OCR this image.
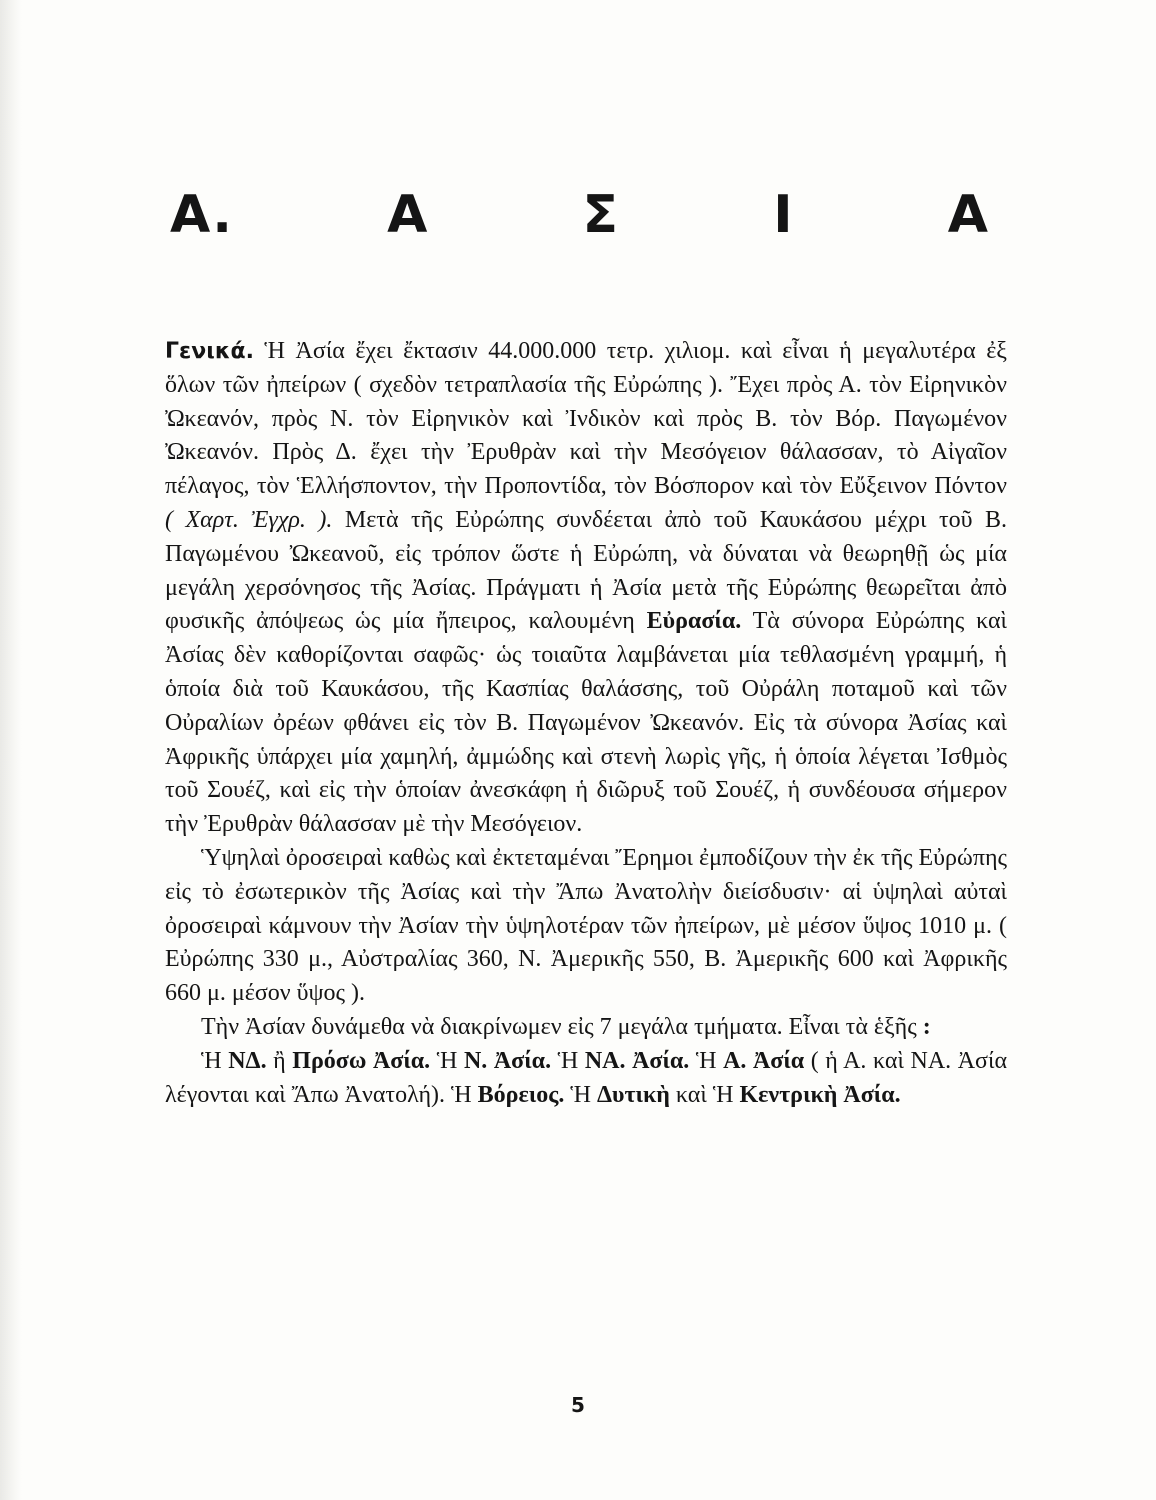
Α.	Α	Σ	Ι	Α

Γενικά. Ἡ Ἀσία ἔχει ἔκτασιν 44.000.000 τετρ. χιλιομ. καὶ εἶναι ἡ μεγαλυτέρα ἐξ ὅλων τῶν ἠπείρων ( σχεδὸν τετραπλασία τῆς Εὐρώπης ). Ἔχει πρὸς Α. τὸν Εἰρηνικὸν Ὠκεανόν, πρὸς Ν. τὸν Εἰρηνικὸν καὶ Ἰνδικὸν καὶ πρὸς Β. τὸν Βόρ. Παγωμένον Ὠκεανόν. Πρὸς Δ. ἔχει τὴν Ἐρυθρὰν καὶ τὴν Μεσόγειον θάλασσαν, τὸ Αἰγαῖον πέλαγος, τὸν Ἑλλήσποντον, τὴν Προποντίδα, τὸν Βόσπορον καὶ τὸν Εὔξεινον Πόντον ( Χαρτ. Ἐγχρ. ). Μετὰ τῆς Εὐρώπης συνδέεται ἀπὸ τοῦ Καυκάσου μέχρι τοῦ Β. Παγωμένου Ὠκεανοῦ, εἰς τρόπον ὥστε ἡ Εὐρώπη, νὰ δύναται νὰ θεωρηθῇ ὡς μία μεγάλη χερσόνησος τῆς Ἀσίας. Πράγματι ἡ Ἀσία μετὰ τῆς Εὐρώπης θεωρεῖται ἀπὸ φυσικῆς ἀπόψεως ὡς μία ἤπειρος, καλουμένη Εὐρασία. Τὰ σύνορα Εὐρώπης καὶ Ἀσίας δὲν καθορίζονται σαφῶς· ὡς τοιαῦτα λαμβάνεται μία τεθλασμένη γραμμή, ἡ ὁποία διὰ τοῦ Καυκάσου, τῆς Κασπίας θαλάσσης, τοῦ Οὐράλη ποταμοῦ καὶ τῶν Οὐραλίων ὀρέων φθάνει εἰς τὸν Β. Παγωμένον Ὠκεανόν. Εἰς τὰ σύνορα Ἀσίας καὶ Ἀφρικῆς ὑπάρχει μία χαμηλή, ἀμμώδης καὶ στενὴ λωρὶς γῆς, ἡ ὁποία λέγεται Ἰσθμὸς τοῦ Σουέζ, καὶ εἰς τὴν ὁποίαν ἀνεσκάφη ἡ διῶρυξ τοῦ Σουέζ, ἡ συνδέουσα σήμερον τὴν Ἐρυθρὰν θάλασσαν μὲ τὴν Μεσόγειον.

Ὑψηλαὶ ὀροσειραὶ καθὼς καὶ ἐκτεταμέναι Ἔρημοι ἐμποδίζουν τὴν ἐκ τῆς Εὐρώπης εἰς τὸ ἐσωτερικὸν τῆς Ἀσίας καὶ τὴν Ἄπω Ἀνατολὴν διείσδυσιν· αἱ ὑψηλαὶ αὐταὶ ὀροσειραὶ κάμνουν τὴν Ἀσίαν τὴν ὑψηλοτέραν τῶν ἠπείρων, μὲ μέσον ὕψος 1010 μ. ( Εὐρώπης 330 μ., Αὐστραλίας 360, Ν. Ἀμερικῆς 550, Β. Ἀμερικῆς 600 καὶ Ἀφρικῆς 660 μ. μέσον ὕψος ).

Τὴν Ἀσίαν δυνάμεθα νὰ διακρίνωμεν εἰς 7 μεγάλα τμήματα. Εἶναι τὰ ἑξῆς :

Ἡ ΝΔ. ἢ Πρόσω Ἀσία. Ἡ Ν. Ἀσία. Ἡ ΝΑ. Ἀσία. Ἡ Α. Ἀσία ( ἡ Α. καὶ ΝΑ. Ἀσία λέγονται καὶ Ἄπω Ἀνατολή). Ἡ Βόρειος. Ἡ Δυτικὴ καὶ Ἡ Κεντρικὴ Ἀσία.

5
